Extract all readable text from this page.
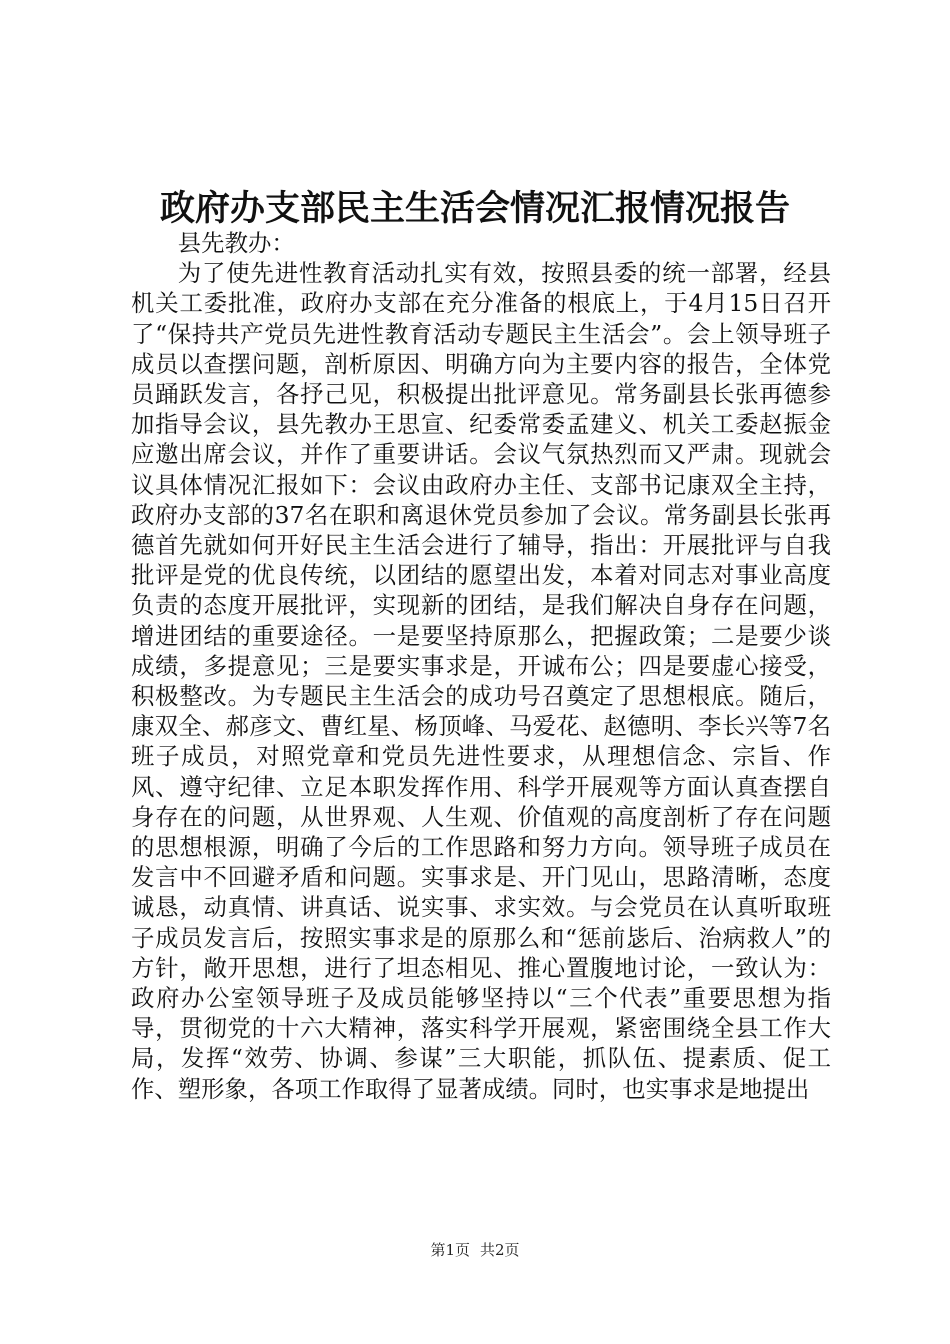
政府办支部民主生活会情况汇报情况报告

县先教办：

为了使先进性教育活动扎实有效，按照县委的统一部署，经县机关工委批准，政府办支部在充分准备的根底上，于4月15日召开了“保持共产党员先进性教育活动专题民主生活会”。会上领导班子成员以查摆问题，剖析原因、明确方向为主要内容的报告，全体党员踊跃发言，各抒己见，积极提出批评意见。常务副县长张再德参加指导会议，县先教办王思宣、纪委常委孟建义、机关工委赵振金应邀出席会议，并作了重要讲话。会议气氛热烈而又严肃。现就会议具体情况汇报如下：会议由政府办主任、支部书记康双全主持，政府办支部的37名在职和离退休党员参加了会议。常务副县长张再德首先就如何开好民主生活会进行了辅导，指出：开展批评与自我批评是党的优良传统，以团结的愿望出发，本着对同志对事业高度负责的态度开展批评，实现新的团结，是我们解决自身存在问题，增进团结的重要途径。一是要坚持原那么，把握政策；二是要少谈成绩，多提意见；三是要实事求是，开诚布公；四是要虚心接受，积极整改。为专题民主生活会的成功号召奠定了思想根底。随后，康双全、郝彦文、曹红星、杨顶峰、马爱花、赵德明、李长兴等7名班子成员，对照党章和党员先进性要求，从理想信念、宗旨、作风、遵守纪律、立足本职发挥作用、科学开展观等方面认真查摆自身存在的问题，从世界观、人生观、价值观的高度剖析了存在问题的思想根源，明确了今后的工作思路和努力方向。领导班子成员在发言中不回避矛盾和问题。实事求是、开门见山，思路清晰，态度诚恳，动真情、讲真话、说实事、求实效。与会党员在认真听取班子成员发言后，按照实事求是的原那么和“惩前毖后、治病救人”的方针，敞开思想，进行了坦态相见、推心置腹地讨论，一致认为：政府办公室领导班子及成员能够坚持以“三个代表”重要思想为指导，贯彻党的十六大精神，落实科学开展观，紧密围绕全县工作大局，发挥“效劳、协调、参谋”三大职能，抓队伍、提素质、促工作、塑形象，各项工作取得了显著成绩。同时，也实事求是地提出

第1页 共2页
